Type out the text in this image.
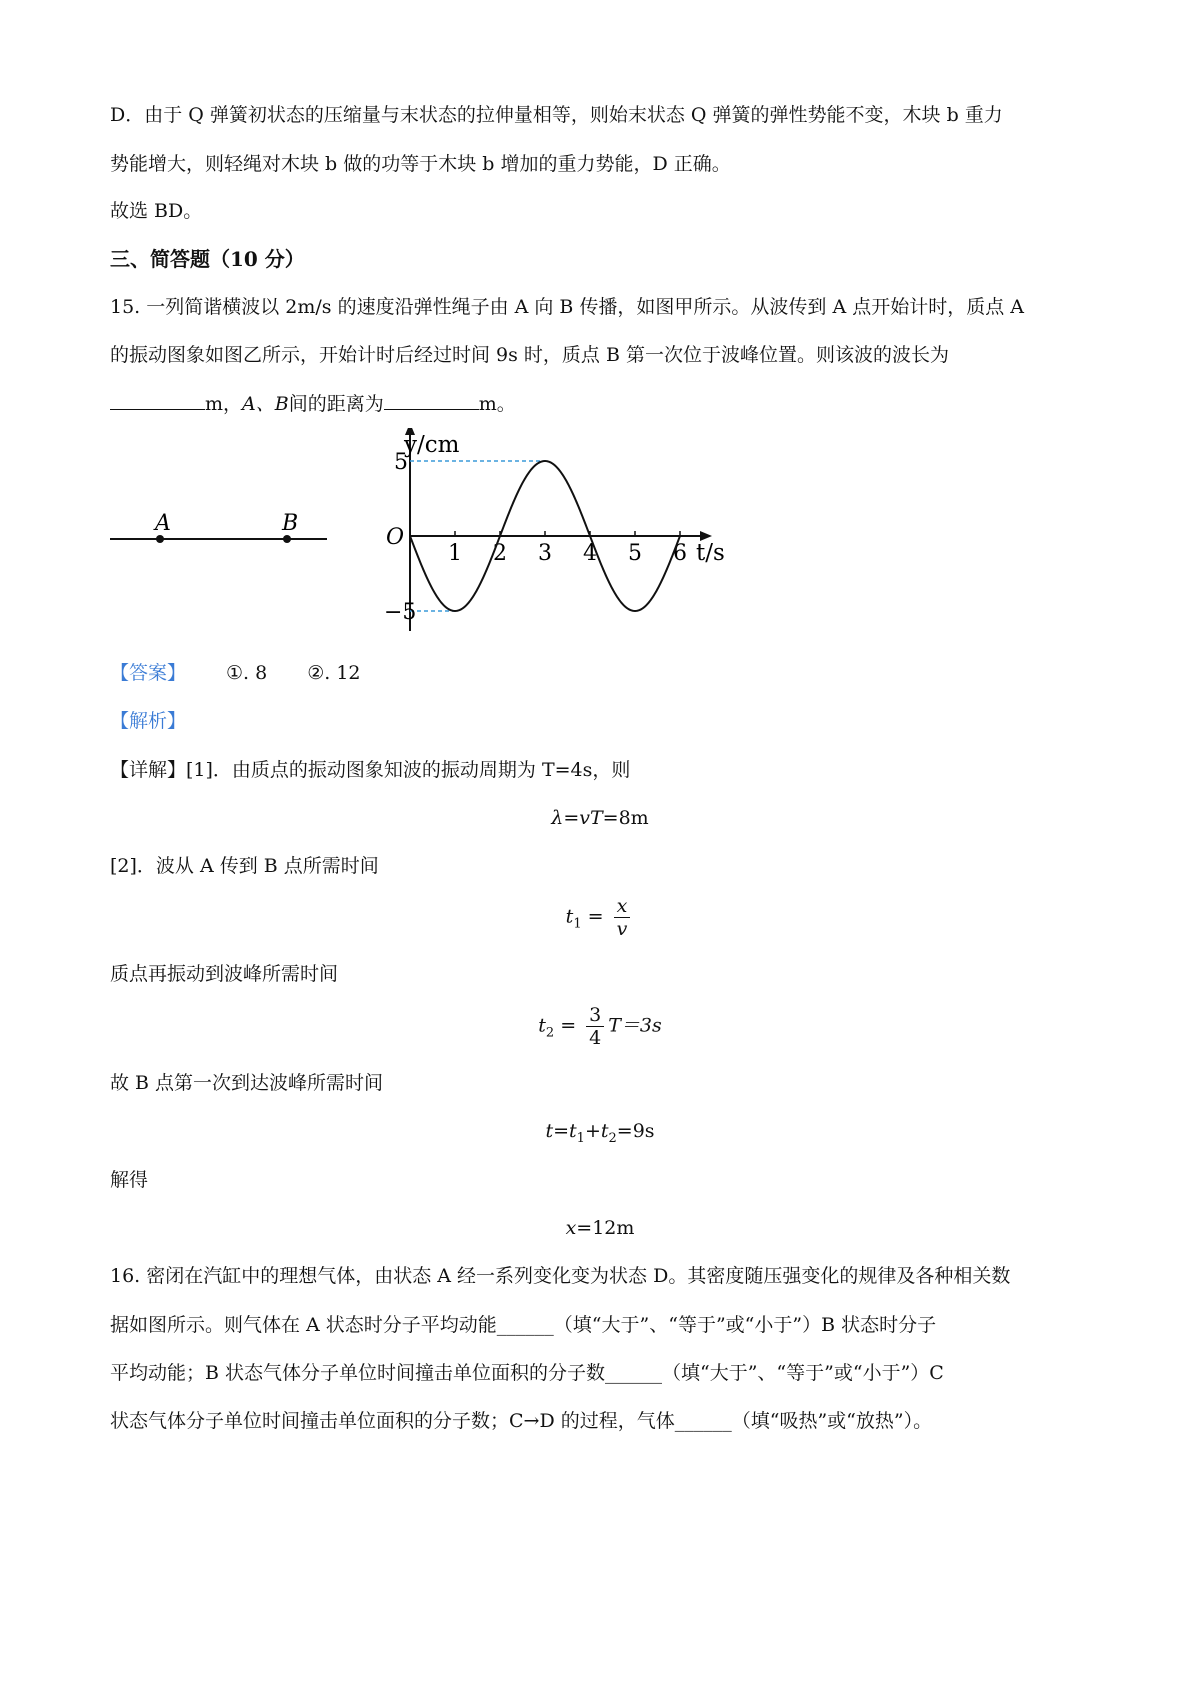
D．由于 Q 弹簧初状态的压缩量与末状态的拉伸量相等，则始末状态 Q 弹簧的弹性势能不变，木块 b 重力
势能增大，则轻绳对木块 b 做的功等于木块 b 增加的重力势能，D 正确。
故选 BD。
三、简答题（10 分）
15. 一列简谐横波以 2m/s 的速度沿弹性绳子由 A 向 B 传播，如图甲所示。从波传到 A 点开始计时，质点 A
的振动图象如图乙所示，开始计时后经过时间 9s 时，质点 B 第一次位于波峰位置。则该波的波长为
m，A、B间的距离为	m。
A	B
1 2 3 4 5 6
5
−5
y/cm
t/s
O
【答案】 ①. 8 ②. 12
【解析】
【详解】[1]．由质点的振动图象知波的振动周期为 T=4s，则
λ=vT=8m
[2]．波从 A 传到 B 点所需时间
$t_1 = \frac{x}{v}$
质点再振动到波峰所需时间
$t_2 = \frac{3}{4} T=3s$
故 B 点第一次到达波峰所需时间
$t=t_1+t_2=9s$
解得
x=12m
16. 密闭在汽缸中的理想气体，由状态 A 经一系列变化变为状态 D。其密度随压强变化的规律及各种相关数
据如图所示。则气体在 A 状态时分子平均动能______（填“大于”、“等于”或“小于”）B 状态时分子
平均动能；B 状态气体分子单位时间撞击单位面积的分子数______（填“大于”、“等于”或“小于”）C
状态气体分子单位时间撞击单位面积的分子数；C→D 的过程，气体______（填“吸热”或“放热”）。
